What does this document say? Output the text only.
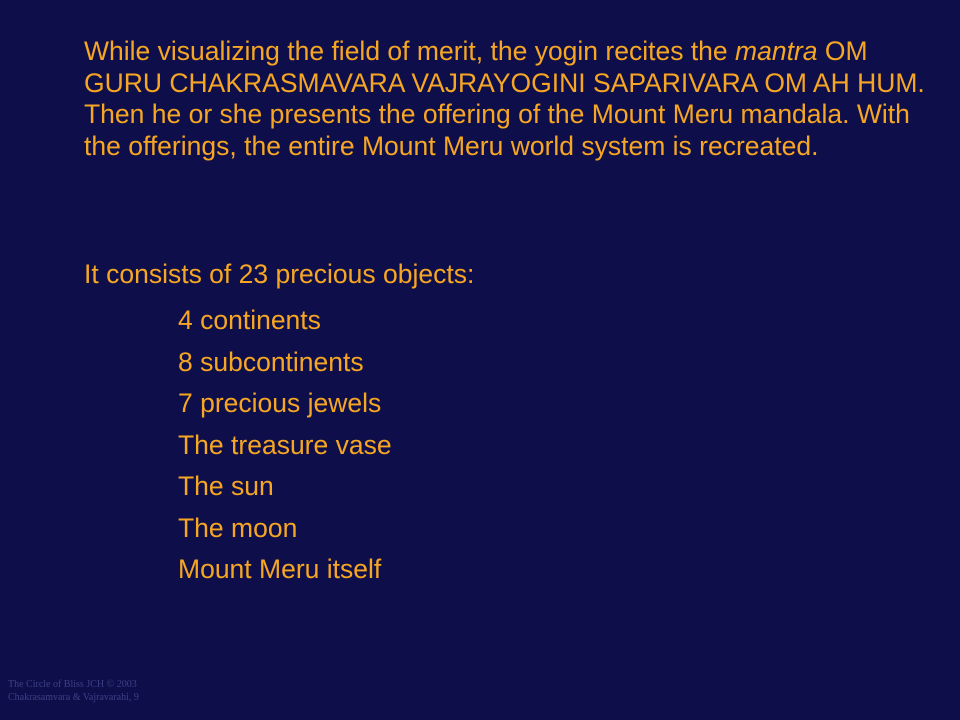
While visualizing the field of merit, the yogin recites the mantra OM GURU CHAKRASMAVARA VAJRAYOGINI SAPARIVARA OM AH HUM. Then he or she presents the offering of the Mount Meru mandala. With the offerings, the entire Mount Meru world system is recreated.

It consists of 23 precious objects:
4 continents
8 subcontinents
7 precious jewels
The treasure vase
The sun
The moon
Mount Meru itself
The Circle of Bliss JCH © 2003
Chakrasamvara & Vajravarahi, 9
